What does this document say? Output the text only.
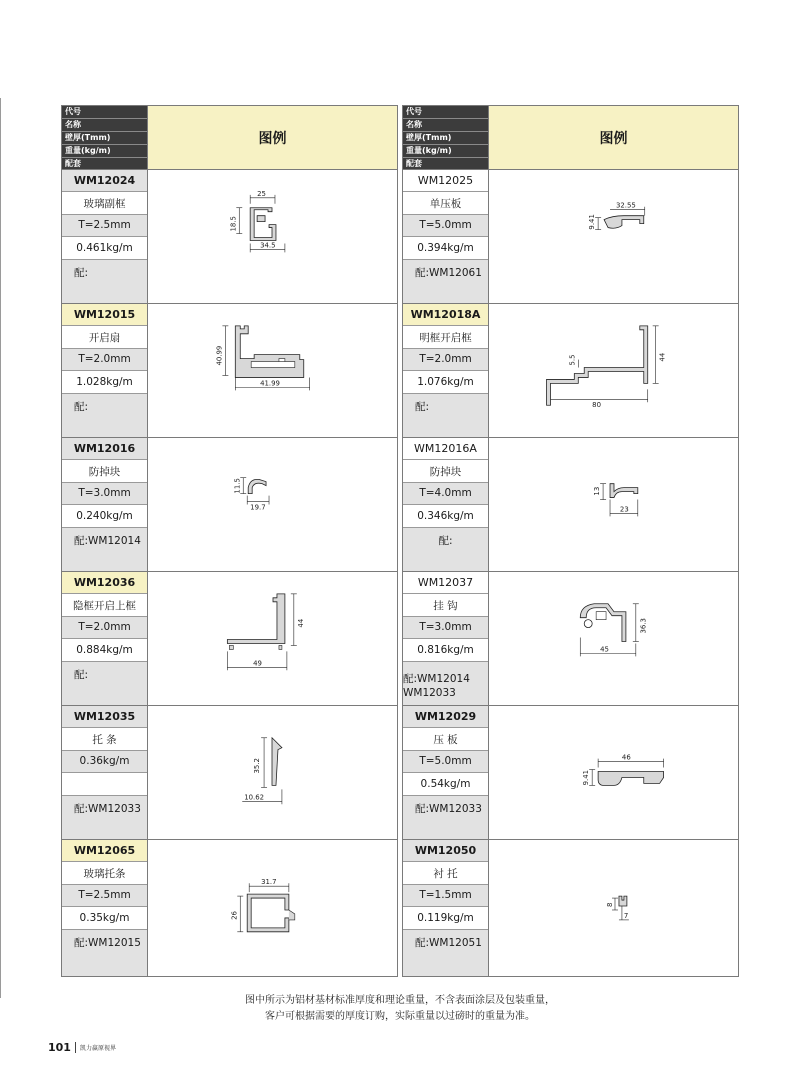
代号
名称
壁厚(Tmm)
重量(kg/m)
配套
图例
WM12024
玻璃副框
T=2.5mm
0.461kg/m
配:
25
18.5
34.5
WM12015
开启扇
T=2.0mm
1.028kg/m
配:
40.99
41.99
WM12016
防掉块
T=3.0mm
0.240kg/m
配:WM12014
11.5
19.7
WM12036
隐框开启上框
T=2.0mm
0.884kg/m
配:
44
49
WM12035
托 条
0.36kg/m
配:WM12033
35.2
10.62
WM12065
玻璃托条
T=2.5mm
0.35kg/m
配:WM12015
31.7
26
代号
名称
壁厚(Tmm)
重量(kg/m)
配套
图例
WM12025
单压板
T=5.0mm
0.394kg/m
配:WM12061
32.55
9.41
WM12018A
明框开启框
T=2.0mm
1.076kg/m
配:
5.5	44
80
WM12016A
防掉块
T=4.0mm
0.346kg/m
配:
13
23
WM12037
挂 钩
T=3.0mm
0.816kg/m
配:WM12014
WM12033
36.3
45
WM12029
压 板
T=5.0mm
0.54kg/m
配:WM12033
46
9.41
WM12050
衬 托
T=1.5mm
0.119kg/m
配:WM12051
8
7
图中所示为铝材基材标准厚度和理论重量，不含表面涂层及包装重量，
客户可根据需要的厚度订购，实际重量以过磅时的重量为准。
101 凯力赢原视界
